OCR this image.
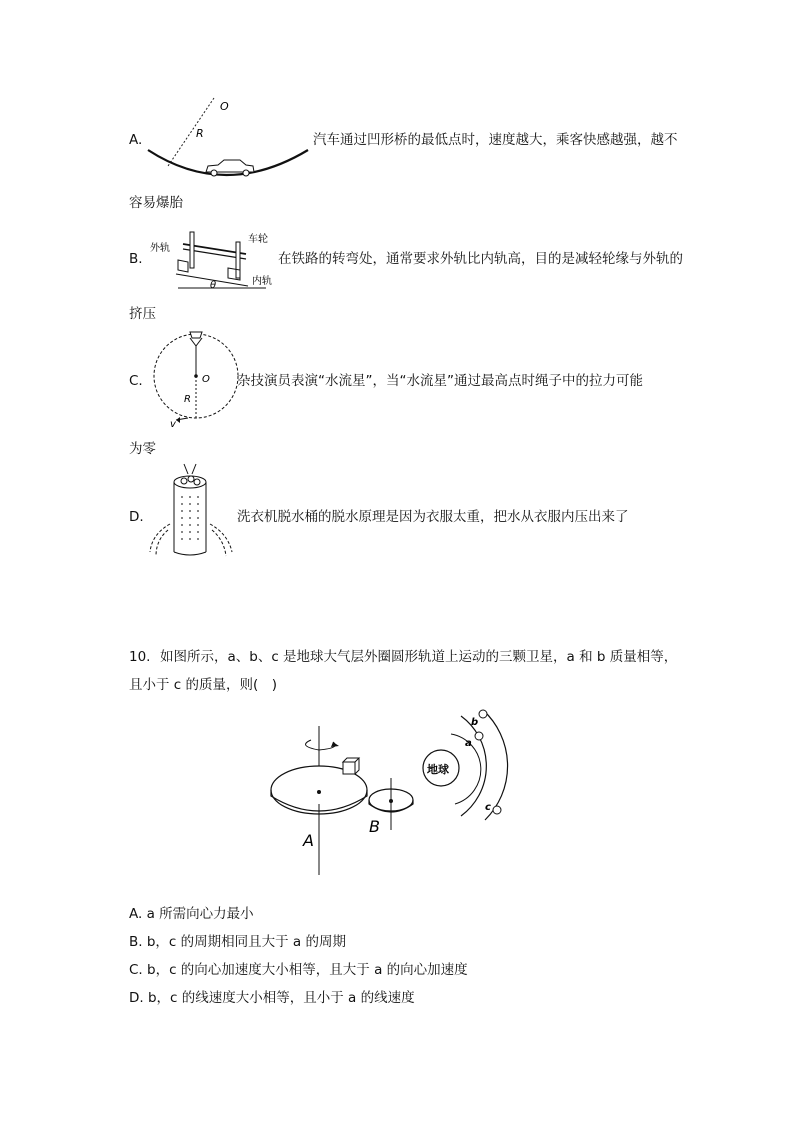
A.
O
R	汽车通过凹形桥的最低点时，速度越大，乘客快感越强，越不
容易爆胎
B.
外轨
车轮
内轨
θ
在铁路的转弯处，通常要求外轨比内轨高，目的是减轻轮缘与外轨的
挤压
C.	O
R
v
杂技演员表演“水流星”，当“水流星”通过最高点时绳子中的拉力可能
为零
D.	洗衣机脱水桶的脱水原理是因为衣服太重，把水从衣服内压出来了
10. 如图所示，a、b、c 是地球大气层外圈圆形轨道上运动的三颗卫星，a 和 b 质量相等，
且小于 c 的质量，则(　)
A
B
地球
a
b
c
A. a 所需向心力最小
B. b，c 的周期相同且大于 a 的周期
C. b，c 的向心加速度大小相等，且大于 a 的向心加速度
D. b，c 的线速度大小相等，且小于 a 的线速度
